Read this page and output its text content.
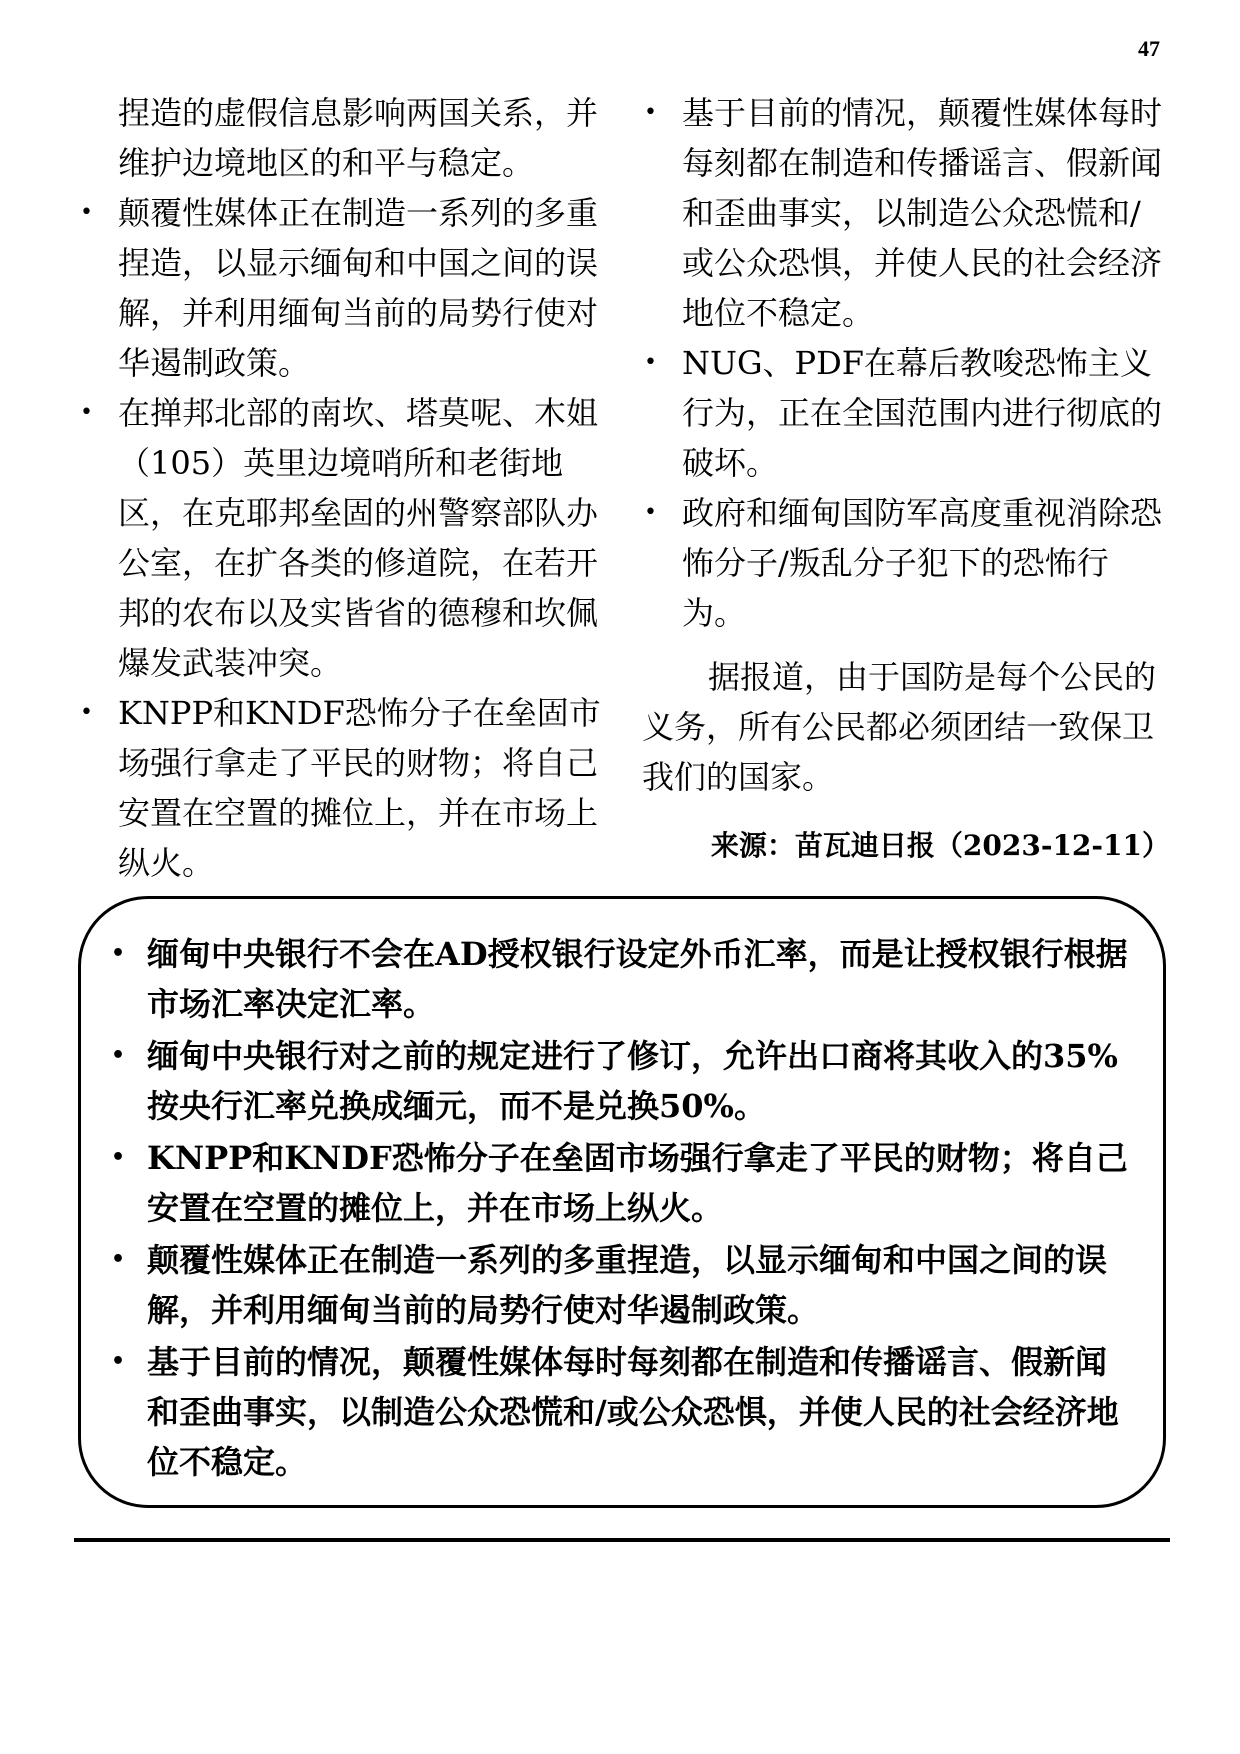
47

捏造的虚假信息影响两国关系，并维护边境地区的和平与稳定。

• 颠覆性媒体正在制造一系列的多重捏造，以显示缅甸和中国之间的误解，并利用缅甸当前的局势行使对华遏制政策。
• 在掸邦北部的南坎、塔莫呢、木姐（105）英里边境哨所和老街地区，在克耶邦垒固的州警察部队办公室，在扩各类的修道院，在若开邦的农布以及实皆省的德穆和坎佩爆发武装冲突。
• KNPP和KNDF恐怖分子在垒固市场强行拿走了平民的财物；将自己安置在空置的摊位上，并在市场上纵火。
• 基于目前的情况，颠覆性媒体每时每刻都在制造和传播谣言、假新闻和歪曲事实，以制造公众恐慌和/或公众恐惧，并使人民的社会经济地位不稳定。
• NUG、PDF在幕后教唆恐怖主义行为，正在全国范围内进行彻底的破坏。
• 政府和缅甸国防军高度重视消除恐怖分子/叛乱分子犯下的恐怖行为。

据报道，由于国防是每个公民的义务，所有公民都必须团结一致保卫我们的国家。

来源：苗瓦迪日报（2023-12-11）
• 缅甸中央银行不会在AD授权银行设定外币汇率，而是让授权银行根据市场汇率决定汇率。
• 缅甸中央银行对之前的规定进行了修订，允许出口商将其收入的35%按央行汇率兑换成缅元，而不是兑换50%。
• KNPP和KNDF恐怖分子在垒固市场强行拿走了平民的财物；将自己安置在空置的摊位上，并在市场上纵火。
• 颠覆性媒体正在制造一系列的多重捏造，以显示缅甸和中国之间的误解，并利用缅甸当前的局势行使对华遏制政策。
• 基于目前的情况，颠覆性媒体每时每刻都在制造和传播谣言、假新闻和歪曲事实，以制造公众恐慌和/或公众恐惧，并使人民的社会经济地位不稳定。
